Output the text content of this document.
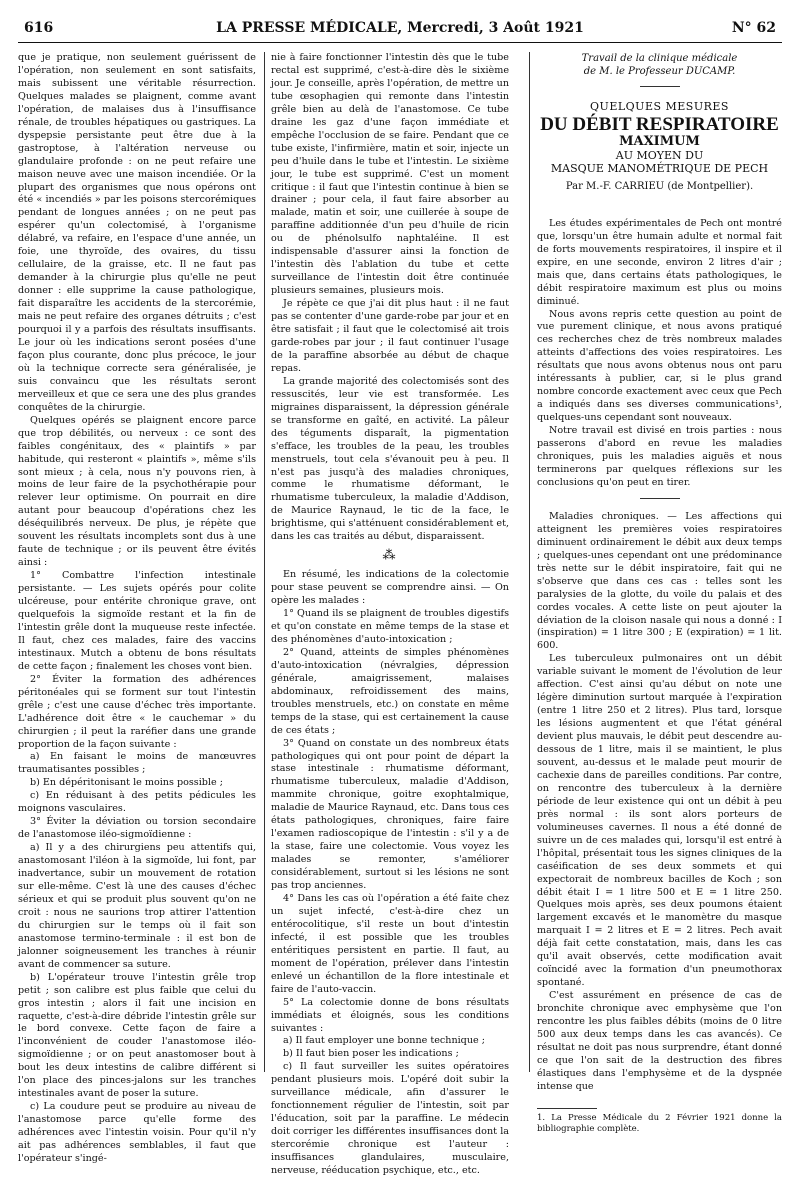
616	LA PRESSE MÉDICALE, Mercredi, 3 Août 1921	N° 62

que je pratique, non seulement guérissent de l'opération, non seulement en sont satisfaits, mais subissent une véritable résurrection. Quelques malades se plaignent, comme avant l'opération, de malaises dus à l'insuffisance rénale, de troubles hépatiques ou gastriques. La dyspepsie persistante peut être due à la gastroptose, à l'altération nerveuse ou glandulaire profonde : on ne peut refaire une maison neuve avec une maison incendiée. Or la plupart des organismes que nous opérons ont été « incendiés » par les poisons stercorémiques pendant de longues années ; on ne peut pas espérer qu'un colectomisé, à l'organisme délabré, va refaire, en l'espace d'une année, un foie, une thyroïde, des ovaires, du tissu cellulaire, de la graisse, etc. Il ne faut pas demander à la chirurgie plus qu'elle ne peut donner : elle supprime la cause pathologique, fait disparaître les accidents de la stercorémie, mais ne peut refaire des organes détruits ; c'est pourquoi il y a parfois des résultats insuffisants. Le jour où les indications seront posées d'une façon plus courante, donc plus précoce, le jour où la technique correcte sera généralisée, je suis convaincu que les résultats seront merveilleux et que ce sera une des plus grandes conquêtes de la chirurgie.

Quelques opérés se plaignent encore parce que trop débilités, ou nerveux : ce sont des faibles congénitaux, des « plaintifs » par habitude, qui resteront « plaintifs », même s'ils sont mieux ; à cela, nous n'y pouvons rien, à moins de leur faire de la psychothérapie pour relever leur optimisme. On pourrait en dire autant pour beaucoup d'opérations chez les déséquilibrés nerveux. De plus, je répète que souvent les résultats incomplets sont dus à une faute de technique ; or ils peuvent être évités ainsi :

1° Combattre l'infection intestinale persistante. — Les sujets opérés pour colite ulcéreuse, pour entérite chronique grave, ont quelquefois la sigmoïde restant et la fin de l'intestin grêle dont la muqueuse reste infectée. Il faut, chez ces malades, faire des vaccins intestinaux. Mutch a obtenu de bons résultats de cette façon ; finalement les choses vont bien.

2° Éviter la formation des adhérences péritonéales qui se forment sur tout l'intestin grêle ; c'est une cause d'échec très importante. L'adhérence doit être « le cauchemar » du chirurgien ; il peut la raréfier dans une grande proportion de la façon suivante :

a) En faisant le moins de manœuvres traumatisantes possibles ;

b) En dépéritonisant le moins possible ;

c) En réduisant à des petits pédicules les moignons vasculaires.

3° Éviter la déviation ou torsion secondaire de l'anastomose iléo-sigmoïdienne :

a) Il y a des chirurgiens peu attentifs qui, anastomosant l'iléon à la sigmoïde, lui font, par inadvertance, subir un mouvement de rotation sur elle-même. C'est là une des causes d'échec sérieux et qui se produit plus souvent qu'on ne croit : nous ne saurions trop attirer l'attention du chirurgien sur le temps où il fait son anastomose termino-terminale : il est bon de jalonner soigneusement les tranches à réunir avant de commencer sa suture.

b) L'opérateur trouve l'intestin grêle trop petit ; son calibre est plus faible que celui du gros intestin ; alors il fait une incision en raquette, c'est-à-dire débride l'intestin grêle sur le bord convexe. Cette façon de faire a l'inconvénient de couder l'anastomose iléo-sigmoïdienne ; or on peut anastomoser bout à bout les deux intestins de calibre différent si l'on place des pinces-jalons sur les tranches intestinales avant de poser la suture.

c) La coudure peut se produire au niveau de l'anastomose parce qu'elle forme des adhérences avec l'intestin voisin. Pour qu'il n'y ait pas adhérences semblables, il faut que l'opérateur s'ingé-

nie à faire fonctionner l'intestin dès que le tube rectal est supprimé, c'est-à-dire dès le sixième jour. Je conseille, après l'opération, de mettre un tube œsophagien qui remonte dans l'intestin grêle bien au delà de l'anastomose. Ce tube draine les gaz d'une façon immédiate et empêche l'occlusion de se faire. Pendant que ce tube existe, l'infirmière, matin et soir, injecte un peu d'huile dans le tube et l'intestin. Le sixième jour, le tube est supprimé. C'est un moment critique : il faut que l'intestin continue à bien se drainer ; pour cela, il faut faire absorber au malade, matin et soir, une cuillerée à soupe de paraffine additionnée d'un peu d'huile de ricin ou de phénolsulfo naphtaléine. Il est indispensable d'assurer ainsi la fonction de l'intestin dès l'ablation du tube et cette surveillance de l'intestin doit être continuée plusieurs semaines, plusieurs mois.

Je répète ce que j'ai dit plus haut : il ne faut pas se contenter d'une garde-robe par jour et en être satisfait ; il faut que le colectomisé ait trois garde-robes par jour ; il faut continuer l'usage de la paraffine absorbée au début de chaque repas.

La grande majorité des colectomisés sont des ressuscités, leur vie est transformée. Les migraines disparaissent, la dépression générale se transforme en gaîté, en activité. La pâleur des téguments disparaît, la pigmentation s'efface, les troubles de la peau, les troubles menstruels, tout cela s'évanouit peu à peu. Il n'est pas jusqu'à des maladies chroniques, comme le rhumatisme déformant, le rhumatisme tuberculeux, la maladie d'Addison, de Maurice Raynaud, le tic de la face, le brightisme, qui s'atténuent considérablement et, dans les cas traités au début, disparaissent.

⁂

En résumé, les indications de la colectomie pour stase peuvent se comprendre ainsi. — On opère les malades :

1° Quand ils se plaignent de troubles digestifs et qu'on constate en même temps de la stase et des phénomènes d'auto-intoxication ;

2° Quand, atteints de simples phénomènes d'auto-intoxication (névralgies, dépression générale, amaigrissement, malaises abdominaux, refroidissement des mains, troubles menstruels, etc.) on constate en même temps de la stase, qui est certainement la cause de ces états ;

3° Quand on constate un des nombreux états pathologiques qui ont pour point de départ la stase intestinale : rhumatisme déformant, rhumatisme tuberculeux, maladie d'Addison, mammite chronique, goitre exophtalmique, maladie de Maurice Raynaud, etc. Dans tous ces états pathologiques, chroniques, faire faire l'examen radioscopique de l'intestin : s'il y a de la stase, faire une colectomie. Vous voyez les malades se remonter, s'améliorer considérablement, surtout si les lésions ne sont pas trop anciennes.

4° Dans les cas où l'opération a été faite chez un sujet infecté, c'est-à-dire chez un entérocolitique, s'il reste un bout d'intestin infecté, il est possible que les troubles entéritiques persistent en partie. Il faut, au moment de l'opération, prélever dans l'intestin enlevé un échantillon de la flore intestinale et faire de l'auto-vaccin.

5° La colectomie donne de bons résultats immédiats et éloignés, sous les conditions suivantes :

a) Il faut employer une bonne technique ;

b) Il faut bien poser les indications ;

c) Il faut surveiller les suites opératoires pendant plusieurs mois. L'opéré doit subir la surveillance médicale, afin d'assurer le fonctionnement régulier de l'intestin, soit par l'éducation, soit par la paraffine. Le médecin doit corriger les différentes insuffisances dont la stercorémie chronique est l'auteur : insuffisances glandulaires, musculaire, nerveuse, rééducation psychique, etc., etc.

Travail de la clinique médicale
de M. le Professeur DUCAMP.
QUELQUES MESURES
DU DÉBIT RESPIRATOIRE
MAXIMUM
AU MOYEN DU
MASQUE MANOMÉTRIQUE DE PECH
Par M.-F. CARRIEU (de Montpellier).

Les études expérimentales de Pech ont montré que, lorsqu'un être humain adulte et normal fait de forts mouvements respiratoires, il inspire et il expire, en une seconde, environ 2 litres d'air ; mais que, dans certains états pathologiques, le débit respiratoire maximum est plus ou moins diminué.

Nous avons repris cette question au point de vue purement clinique, et nous avons pratiqué ces recherches chez de très nombreux malades atteints d'affections des voies respiratoires. Les résultats que nous avons obtenus nous ont paru intéressants à publier, car, si le plus grand nombre concorde exactement avec ceux que Pech a indiqués dans ses diverses communications¹, quelques-uns cependant sont nouveaux.

Notre travail est divisé en trois parties : nous passerons d'abord en revue les maladies chroniques, puis les maladies aiguës et nous terminerons par quelques réflexions sur les conclusions qu'on peut en tirer.

Maladies chroniques. — Les affections qui atteignent les premières voies respiratoires diminuent ordinairement le débit aux deux temps ; quelques-unes cependant ont une prédominance très nette sur le débit inspiratoire, fait qui ne s'observe que dans ces cas : telles sont les paralysies de la glotte, du voile du palais et des cordes vocales. A cette liste on peut ajouter la déviation de la cloison nasale qui nous a donné : I (inspiration) = 1 litre 300 ; E (expiration) = 1 lit. 600.

Les tuberculeux pulmonaires ont un débit variable suivant le moment de l'évolution de leur affection. C'est ainsi qu'au début on note une légère diminution surtout marquée à l'expiration (entre 1 litre 250 et 2 litres). Plus tard, lorsque les lésions augmentent et que l'état général devient plus mauvais, le débit peut descendre au-dessous de 1 litre, mais il se maintient, le plus souvent, au-dessus et le malade peut mourir de cachexie dans de pareilles conditions. Par contre, on rencontre des tuberculeux à la dernière période de leur existence qui ont un débit à peu près normal : ils sont alors porteurs de volumineuses cavernes. Il nous a été donné de suivre un de ces malades qui, lorsqu'il est entré à l'hôpital, présentait tous les signes cliniques de la caséification de ses deux sommets et qui expectorait de nombreux bacilles de Koch ; son débit était I = 1 litre 500 et E = 1 litre 250. Quelques mois après, ses deux poumons étaient largement excavés et le manomètre du masque marquait I = 2 litres et E = 2 litres. Pech avait déjà fait cette constatation, mais, dans les cas qu'il avait observés, cette modification avait coïncidé avec la formation d'un pneumothorax spontané.

C'est assurément en présence de cas de bronchite chronique avec emphysème que l'on rencontre les plus faibles débits (moins de 0 litre 500 aux deux temps dans les cas avancés). Ce résultat ne doit pas nous surprendre, étant donné ce que l'on sait de la destruction des fibres élastiques dans l'emphysème et de la dyspnée intense que

1. La Presse Médicale du 2 Février 1921 donne la bibliographie complète.
